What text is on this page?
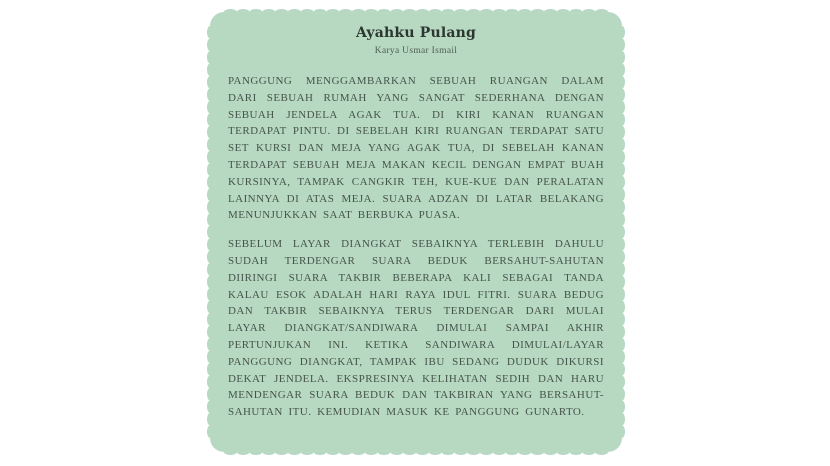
Ayahku Pulang
Karya Usmar Ismail

PANGGUNG MENGGAMBARKAN SEBUAH RUANGAN DALAM DARI SEBUAH RUMAH YANG SANGAT SEDERHANA DENGAN SEBUAH JENDELA AGAK TUA. DI KIRI KANAN RUANGAN TERDAPAT PINTU. DI SEBELAH KIRI RUANGAN TERDAPAT SATU SET KURSI DAN MEJA YANG AGAK TUA, DI SEBELAH KANAN TERDAPAT SEBUAH MEJA MAKAN KECIL DENGAN EMPAT BUAH KURSINYA, TAMPAK CANGKIR TEH, KUE-KUE DAN PERALATAN LAINNYA DI ATAS MEJA. SUARA ADZAN DI LATAR BELAKANG MENUNJUKKAN SAAT BERBUKA PUASA.

SEBELUM LAYAR DIANGKAT SEBAIKNYA TERLEBIH DAHULU SUDAH TERDENGAR SUARA BEDUK BERSAHUT-SAHUTAN DIIRINGI SUARA TAKBIR BEBERAPA KALI SEBAGAI TANDA KALAU ESOK ADALAH HARI RAYA IDUL FITRI. SUARA BEDUG DAN TAKBIR SEBAIKNYA TERUS TERDENGAR DARI MULAI LAYAR DIANGKAT/SANDIWARA DIMULAI SAMPAI AKHIR PERTUNJUKAN INI. KETIKA SANDIWARA DIMULAI/LAYAR PANGGUNG DIANGKAT, TAMPAK IBU SEDANG DUDUK DIKURSI DEKAT JENDELA. EKSPRESINYA KELIHATAN SEDIH DAN HARU MENDENGAR SUARA BEDUK DAN TAKBIRAN YANG BERSAHUT-SAHUTAN ITU. KEMUDIAN MASUK KE PANGGUNG GUNARTO.
